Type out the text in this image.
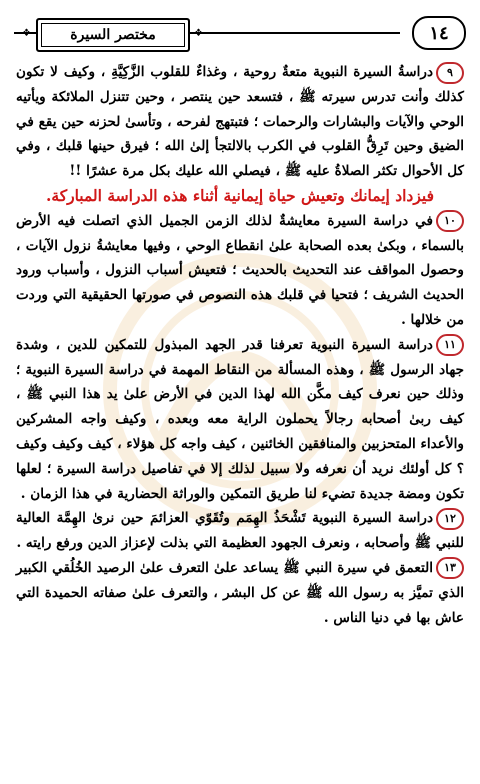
مختصر السيرة
❖	❖	١٤

٩دراسةُ السيرة النبوية متعةٌ روحية ، وغذاءٌ للقلوب الزَّكِيَّةِ ، وكيف لا تكون كذلك وأنت تدرس سيرته ﷺ ، فتسعد حين ينتصر ، وحين تتنزل الملائكة ويأتيه الوحي والآيات والبشارات والرحمات ؛ فتبتهج لفرحه ، وتأسىٰ لحزنه حين يقع في الضيق وحين تَرِقُّ القلوب في الكرب بالالتجأ إلىٰ الله ؛ فيرق حينها قلبك ، وفي كل الأحوال تكثر الصلاةُ عليه ﷺ ، فيصلي الله عليك بكل مرة عشرًا !!

فيزداد إيمانك وتعيش حياة إيمانية أثناء هذه الدراسة المباركة.

١٠في دراسة السيرة معايشةٌ لذلك الزمن الجميل الذي اتصلت فيه الأرض بالسماء ، وبكىٰ بعده الصحابة علىٰ انقطاع الوحي ، وفيها معايشةُ نزول الآيات ، وحصول المواقف عند التحديث بالحديث ؛ فتعيش أسباب النزول ، وأسباب ورود الحديث الشريف ؛ فتحيا في قلبك هذه النصوص في صورتها الحقيقية التي وردت من خلالها .

١١دراسة السيرة النبوية تعرفنا قدر الجهد المبذول للتمكين للدين ، وشدة جهاد الرسول ﷺ ، وهذه المسألة من النقاط المهمة في دراسة السيرة النبوية ؛ وذلك حين نعرف كيف مكَّن الله لهذا الدين في الأرض علىٰ يد هذا النبي ﷺ ، كيف ربىٰ أصحابه رجالاً يحملون الراية معه وبعده ، وكيف واجه المشركين والأعداء المتحزبين والمنافقين الخائنين ، كيف واجه كل هؤلاء ، كيف وكيف وكيف ؟ كل أولئك نريد أن نعرفه ولا سبيل لذلك إلا في تفاصيل دراسة السيرة ؛ لعلها تكون ومضة جديدة تضيء لنا طريق التمكين والوراثة الحضارية في هذا الزمان .

١٢دراسة السيرة النبوية تَشْحَذُ الهِمَم وتُقَوّي العزائمَ حين نرىٰ الهِمَّة العالية للنبي ﷺ وأصحابه ، ونعرف الجهود العظيمة التي بذلت لإعزاز الدين ورفع رايته .

١٣التعمق في سيرة النبي ﷺ يساعد علىٰ التعرف علىٰ الرصيد الخُلُقي الكبير الذي تميَّز به رسول الله ﷺ عن كل البشر ، والتعرف علىٰ صفاته الحميدة التي عاش بها في دنيا الناس .
